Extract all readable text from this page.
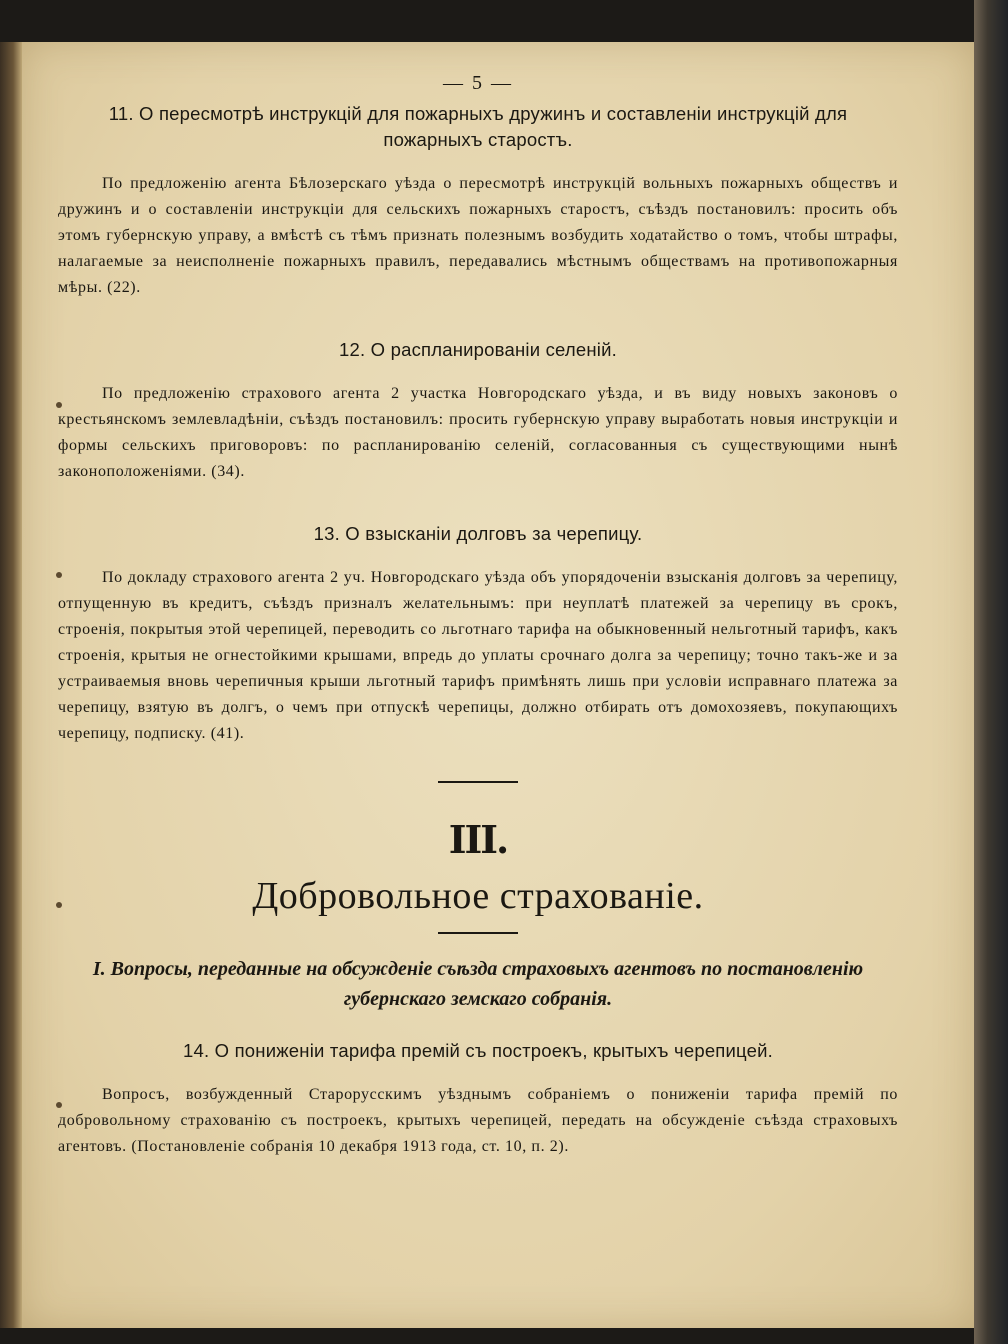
— 5 —

11. О пересмотрѣ инструкцій для пожарныхъ дружинъ и составленіи инструкцій для пожарныхъ старостъ.

По предложенію агента Бѣлозерскаго уѣзда о пересмотрѣ инструкцій вольныхъ пожарныхъ обществъ и дружинъ и о составленіи инструкціи для сельскихъ пожарныхъ старостъ, съѣздъ постановилъ: просить объ этомъ губернскую управу, а вмѣстѣ съ тѣмъ признать полезнымъ возбудить ходатайство о томъ, чтобы штрафы, налагаемые за неисполненіе пожарныхъ правилъ, передавались мѣстнымъ обществамъ на противопожарныя мѣры. (22).

12. О распланированіи селеній.

По предложенію страхового агента 2 участка Новгородскаго уѣзда, и въ виду новыхъ законовъ о крестьянскомъ землевладѣніи, съѣздъ постановилъ: просить губернскую управу выработать новыя инструкціи и формы сельскихъ приговоровъ: по распланированію селеній, согласованныя съ существующими нынѣ законоположеніями. (34).

13. О взысканіи долговъ за черепицу.

По докладу страхового агента 2 уч. Новгородскаго уѣзда объ упорядоченіи взысканія долговъ за черепицу, отпущенную въ кредитъ, съѣздъ призналъ желательнымъ: при неуплатѣ платежей за черепицу въ срокъ, строенія, покрытыя этой черепицей, переводить со льготнаго тарифа на обыкновенный нельготный тарифъ, какъ строенія, крытыя не огнестойкими крышами, впредь до уплаты срочнаго долга за черепицу; точно такъ-же и за устраиваемыя вновь черепичныя крыши льготный тарифъ примѣнять лишь при условіи исправнаго платежа за черепицу, взятую въ долгъ, о чемъ при отпускѣ черепицы, должно отбирать отъ домохозяевъ, покупающихъ черепицу, подписку. (41).

III.

Добровольное страхованіе.

I. Вопросы, переданные на обсужденіе съѣзда страховыхъ агентовъ по постановленію губернскаго земскаго собранія.

14. О пониженіи тарифа премій съ построекъ, крытыхъ черепицей.

Вопросъ, возбужденный Старорусскимъ уѣзднымъ собраніемъ о пониженіи тарифа премій по добровольному страхованію съ построекъ, крытыхъ черепицей, передать на обсужденіе съѣзда страховыхъ агентовъ. (Постановленіе собранія 10 декабря 1913 года, ст. 10, п. 2).
